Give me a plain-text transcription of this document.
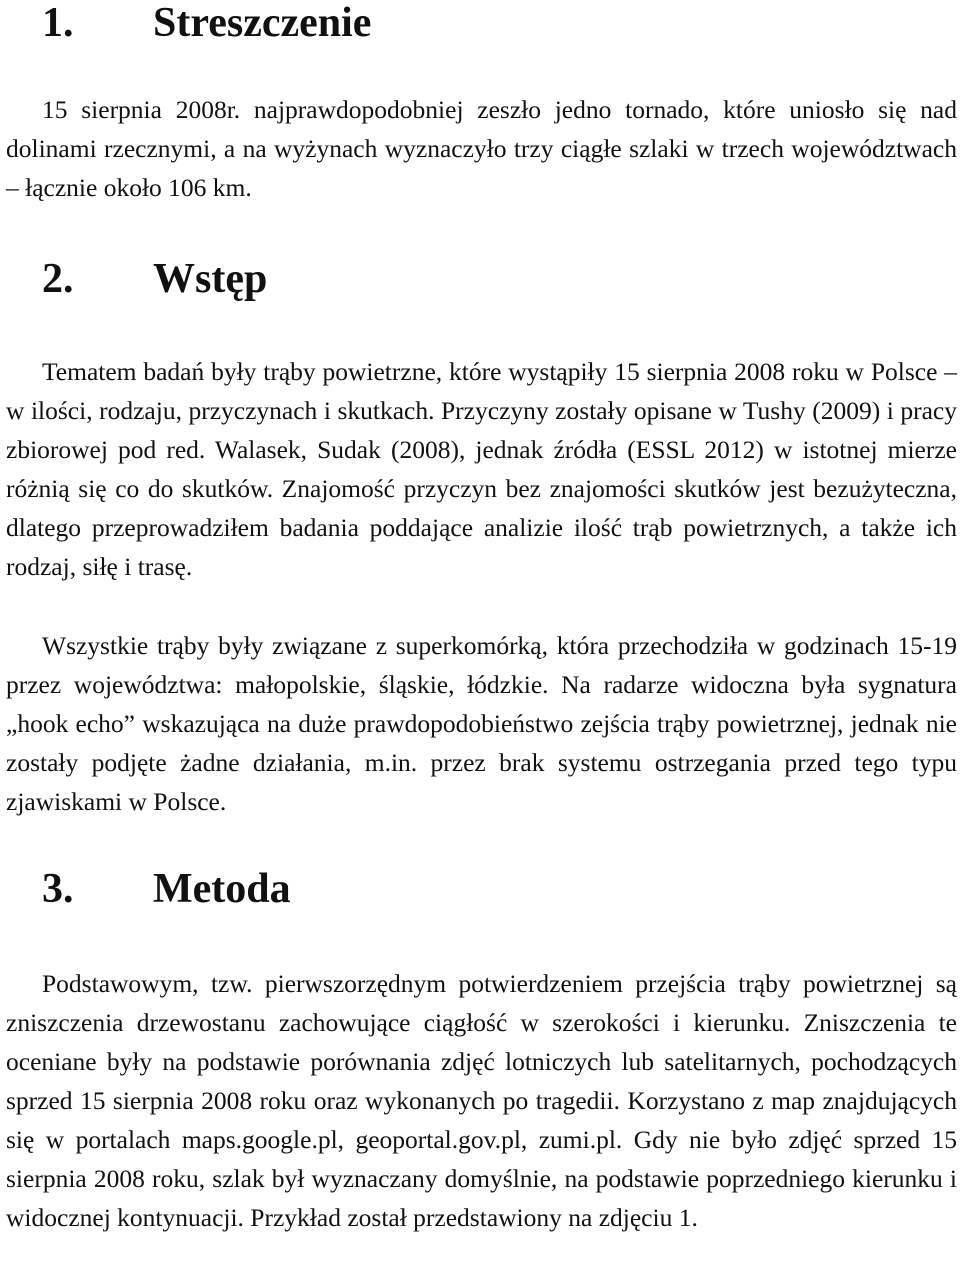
1. Streszczenie

15 sierpnia 2008r. najprawdopodobniej zeszło jedno tornado, które uniosło się nad dolinami rzecznymi, a na wyżynach wyznaczyło trzy ciągłe szlaki w trzech województwach – łącznie około 106 km.

2. Wstęp

Tematem badań były trąby powietrzne, które wystąpiły 15 sierpnia 2008 roku w Polsce – w ilości, rodzaju, przyczynach i skutkach. Przyczyny zostały opisane w Tushy (2009) i pracy zbiorowej pod red. Walasek, Sudak (2008), jednak źródła (ESSL 2012) w istotnej mierze różnią się co do skutków. Znajomość przyczyn bez znajomości skutków jest bezużyteczna, dlatego przeprowadziłem badania poddające analizie ilość trąb powietrznych, a także ich rodzaj, siłę i trasę.

Wszystkie trąby były związane z superkomórką, która przechodziła w godzinach 15-19 przez województwa: małopolskie, śląskie, łódzkie. Na radarze widoczna była sygnatura „hook echo” wskazująca na duże prawdopodobieństwo zejścia trąby powietrznej, jednak nie zostały podjęte żadne działania, m.in. przez brak systemu ostrzegania przed tego typu zjawiskami w Polsce.

3. Metoda

Podstawowym, tzw. pierwszorzędnym potwierdzeniem przejścia trąby powietrznej są zniszczenia drzewostanu zachowujące ciągłość w szerokości i kierunku. Zniszczenia te oceniane były na podstawie porównania zdjęć lotniczych lub satelitarnych, pochodzących sprzed 15 sierpnia 2008 roku oraz wykonanych po tragedii. Korzystano z map znajdujących się w portalach maps.google.pl, geoportal.gov.pl, zumi.pl. Gdy nie było zdjęć sprzed 15 sierpnia 2008 roku, szlak był wyznaczany domyślnie, na podstawie poprzedniego kierunku i widocznej kontynuacji. Przykład został przedstawiony na zdjęciu 1.
